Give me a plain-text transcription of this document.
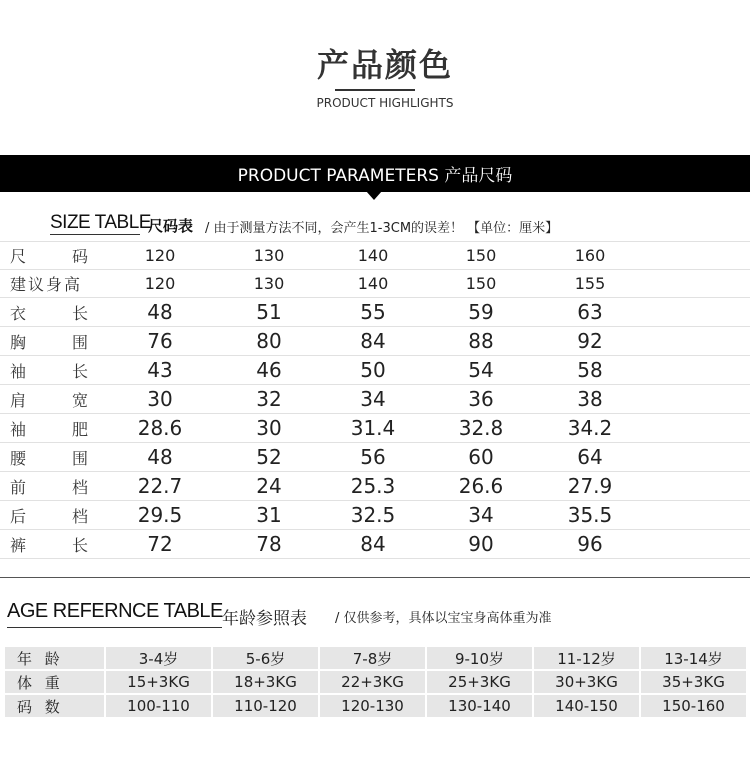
产品颜色
PRODUCT HIGHLIGHTS
PRODUCT PARAMETERS 产品尺码
SIZE TABLE
尺码表 / 由于测量方法不同，会产生1-3CM的误差！ 【单位：厘米】
尺	码	120	130	140	150	160
建议身高	120	130	140	150	155
衣	长	48	51	55	59	63
胸	围	76	80	84	88	92
袖	长	43	46	50	54	58
肩	宽	30	32	34	36	38
袖	肥	28.6	30	31.4	32.8	34.2
腰	围	48	52	56	60	64
前	档	22.7	24	25.3	26.6	27.9
后	档	29.5	31	32.5	34	35.5
裤	长	72	78	84	90	96
AGE REFERNCE TABLE 年龄参照表 / 仅供参考，具体以宝宝身高体重为准
年 龄	3-4岁	5-6岁	7-8岁	9-10岁	11-12岁	13-14岁
体 重	15+3KG	18+3KG	22+3KG	25+3KG	30+3KG	35+3KG
码 数	100-110	110-120	120-130	130-140	140-150	150-160
